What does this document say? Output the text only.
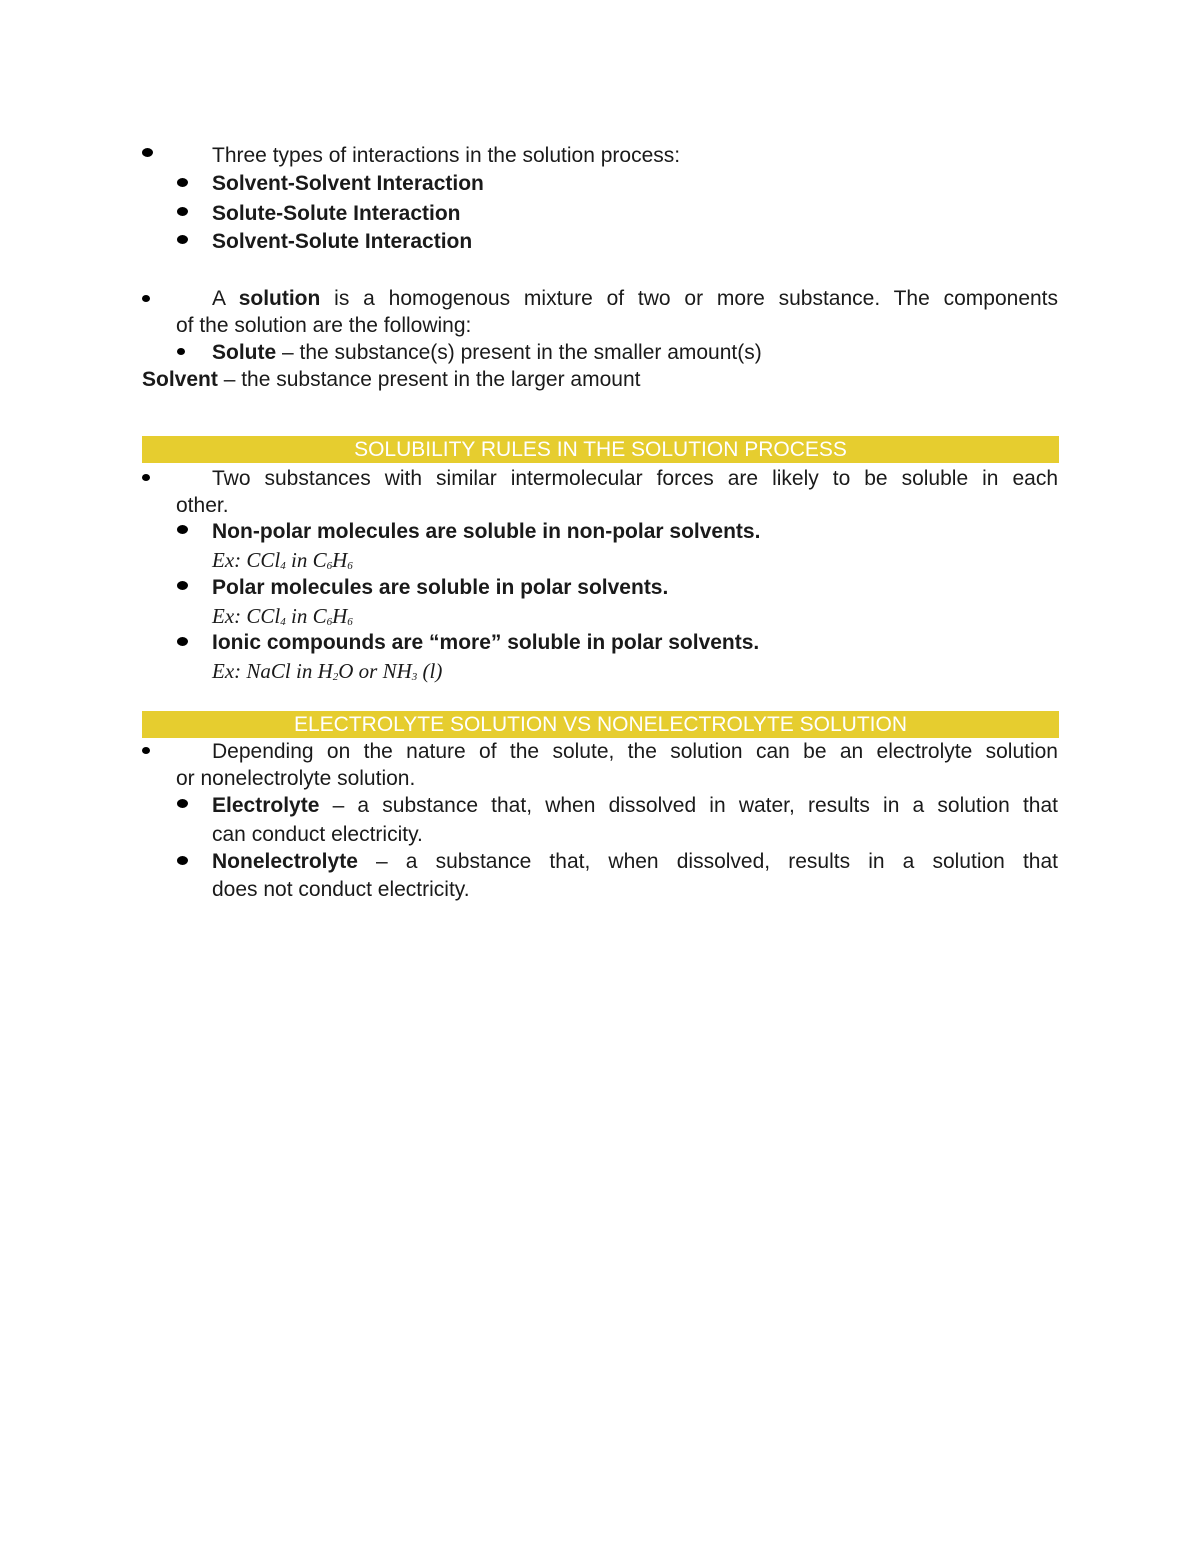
Three types of interactions in the solution process:
Solvent-Solvent Interaction
Solute-Solute Interaction
Solvent-Solute Interaction
A solution is a homogenous mixture of two or more substance. The components
of the solution are the following:
Solute – the substance(s) present in the smaller amount(s)
Solvent – the substance present in the larger amount
SOLUBILITY RULES IN THE SOLUTION PROCESS
Two substances with similar intermolecular forces are likely to be soluble in each
other.
Non-polar molecules are soluble in non-polar solvents.
Ex: CCl$_4$ in $C_6H_6$
Polar molecules are soluble in polar solvents.
Ex: CCl$_4$ in $C_6H_6$
Ionic compounds are “more” soluble in polar solvents.
Ex: NaCl in $H_2O$ or $NH_3$ (l)
ELECTROLYTE SOLUTION VS NONELECTROLYTE SOLUTION
Depending on the nature of the solute, the solution can be an electrolyte solution
or nonelectrolyte solution.
Electrolyte – a substance that, when dissolved in water, results in a solution that
can conduct electricity.
Nonelectrolyte – a substance that, when dissolved, results in a solution that
does not conduct electricity.
